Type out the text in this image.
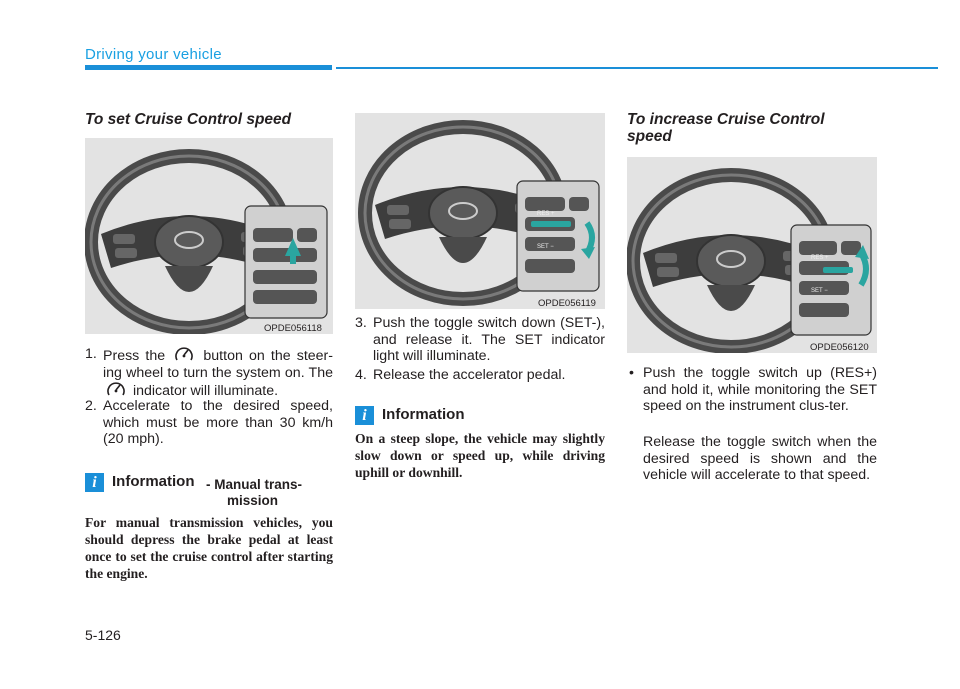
Driving your vehicle
To set Cruise Control speed
OPDE056118
1. Press the	button on the steer-ing wheel to turn the system on. The  indicator will illuminate.
2. Accelerate to the desired speed, which must be more than 30 km/h (20 mph).
i	Information - Manual trans-
mission
For manual transmission vehicles, you should depress the brake pedal at least once to set the cruise control after starting the engine.
RES +
SET −
OPDE056119
3. Push the toggle switch down (SET-), and release it. The SET indicator light will illuminate.
4. Release the accelerator pedal.
i	Information
On a steep slope, the vehicle may slightly slow down or speed up, while driving uphill or downhill.
To increase Cruise Control
speed
RES +
SET −
OPDE056120
• Push the toggle switch up (RES+) and hold it, while monitoring the SET speed on the instrument clus-ter.
Release the toggle switch when the desired speed is shown and the vehicle will accelerate to that speed.
5-126
